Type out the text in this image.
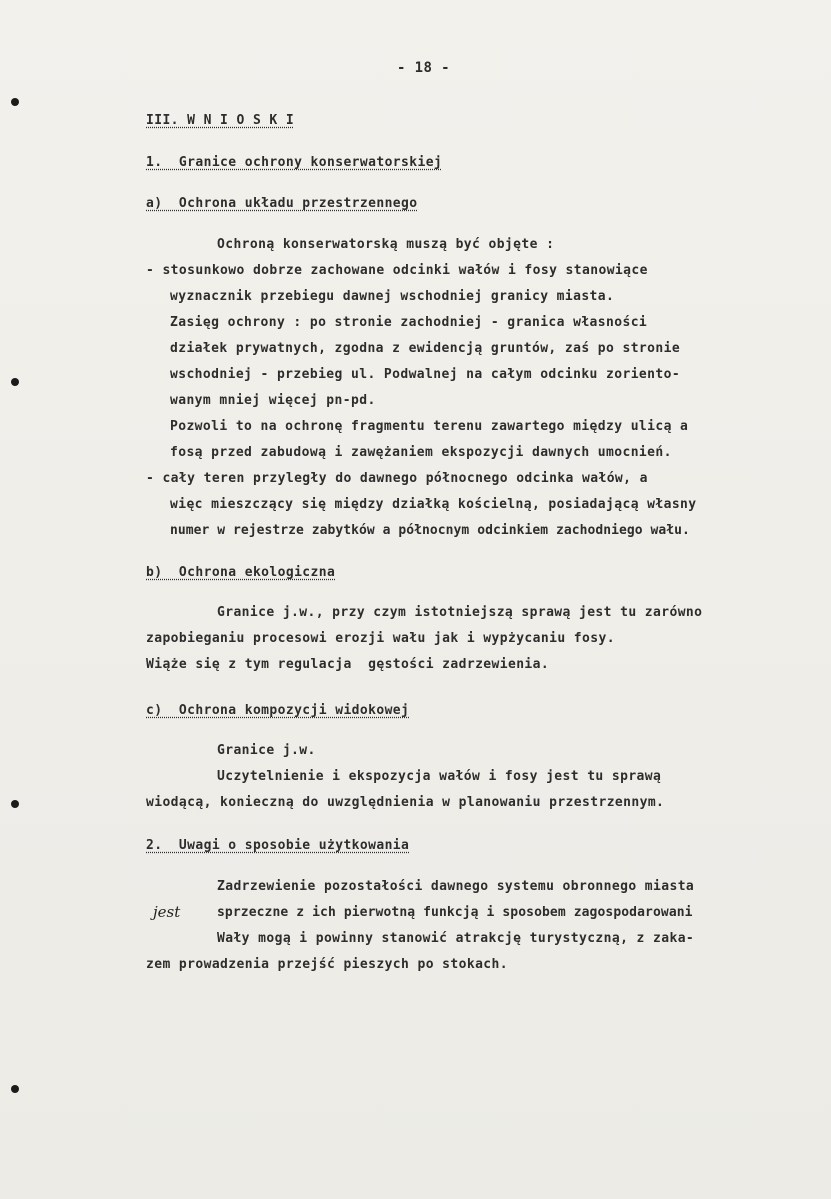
- 18 -
III. W N I O S K I
1.  Granice ochrony konserwatorskiej
a)  Ochrona układu przestrzennego
Ochroną konserwatorską muszą być objęte :
- stosunkowo dobrze zachowane odcinki wałów i fosy stanowiące
wyznacznik przebiegu dawnej wschodniej granicy miasta.
Zasięg ochrony : po stronie zachodniej - granica własności
działek prywatnych, zgodna z ewidencją gruntów, zaś po stronie
wschodniej - przebieg ul. Podwalnej na całym odcinku zoriento-
wanym mniej więcej pn-pd.
Pozwoli to na ochronę fragmentu terenu zawartego między ulicą a
fosą przed zabudową i zawężaniem ekspozycji dawnych umocnień.
- cały teren przyległy do dawnego północnego odcinka wałów, a
więc mieszczący się między działką kościelną, posiadającą własny
numer w rejestrze zabytków a północnym odcinkiem zachodniego wału.
b)  Ochrona ekologiczna
Granice j.w., przy czym istotniejszą sprawą jest tu zarówno
zapobieganiu procesowi erozji wału jak i wypżycaniu fosy.
Wiąże się z tym regulacja  gęstości zadrzewienia.
c)  Ochrona kompozycji widokowej
Granice j.w.
Uczytelnienie i ekspozycja wałów i fosy jest tu sprawą
wiodącą, konieczną do uwzględnienia w planowaniu przestrzennym.
2.  Uwagi o sposobie użytkowania
Zadrzewienie pozostałości dawnego systemu obronnego miasta
jest	sprzeczne z ich pierwotną funkcją i sposobem zagospodarowani
Wały mogą i powinny stanowić atrakcję turystyczną, z zaka-
zem prowadzenia przejść pieszych po stokach.
